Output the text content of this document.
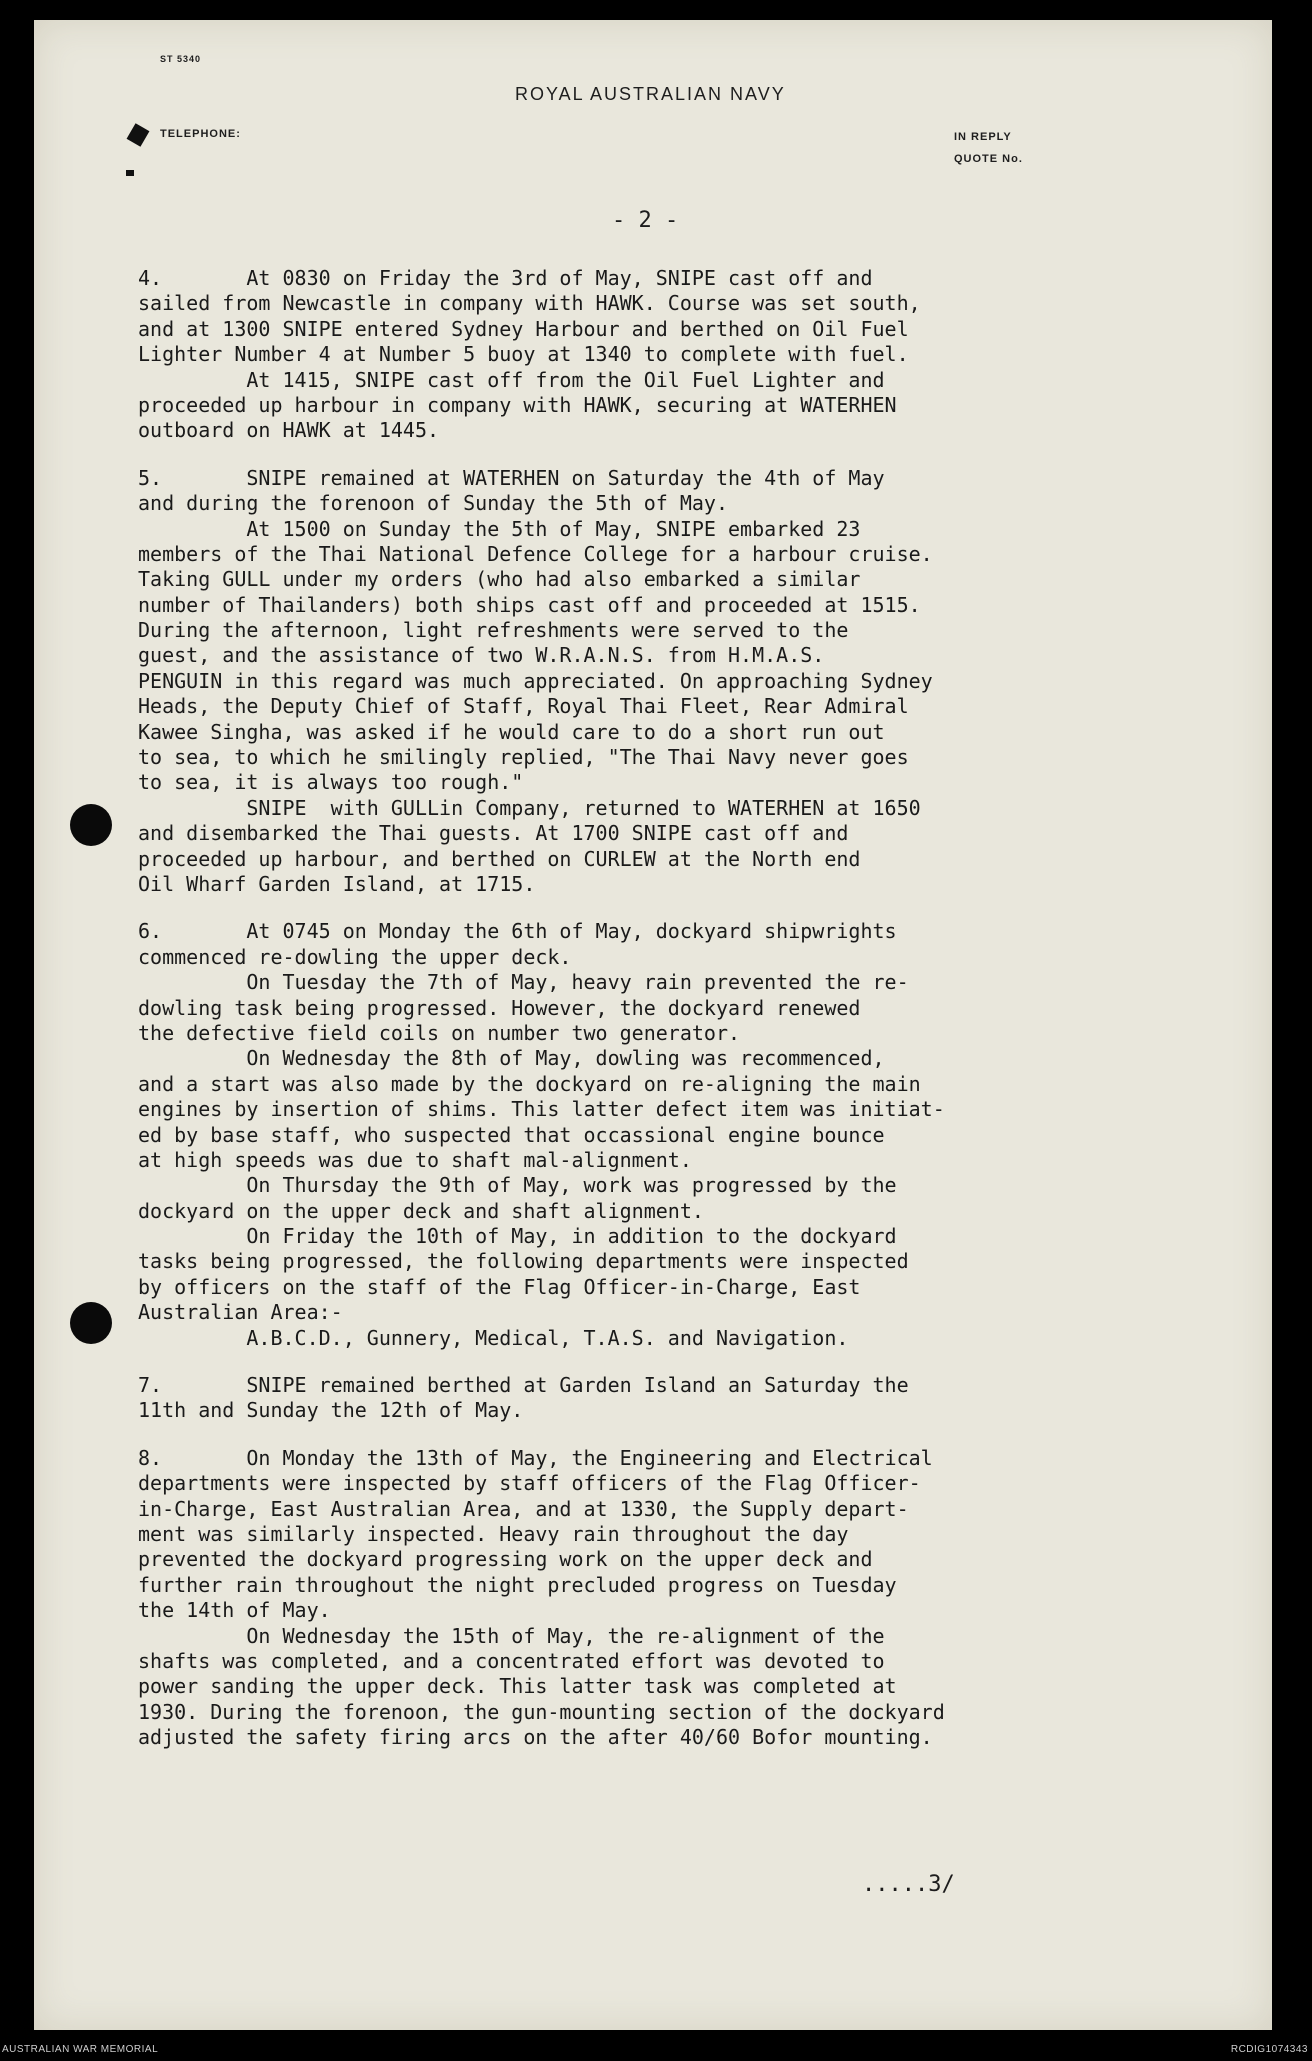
ST 5340
ROYAL AUSTRALIAN NAVY
TELEPHONE:	IN REPLY
QUOTE No.
- 2 -
4.       At 0830 on Friday the 3rd of May, SNIPE cast off and
sailed from Newcastle in company with HAWK. Course was set south,
and at 1300 SNIPE entered Sydney Harbour and berthed on Oil Fuel
Lighter Number 4 at Number 5 buoy at 1340 to complete with fuel.
At 1415, SNIPE cast off from the Oil Fuel Lighter and
proceeded up harbour in company with HAWK, securing at WATERHEN
outboard on HAWK at 1445.
5.       SNIPE remained at WATERHEN on Saturday the 4th of May
and during the forenoon of Sunday the 5th of May.
At 1500 on Sunday the 5th of May, SNIPE embarked 23
members of the Thai National Defence College for a harbour cruise.
Taking GULL under my orders (who had also embarked a similar
number of Thailanders) both ships cast off and proceeded at 1515.
During the afternoon, light refreshments were served to the
guest, and the assistance of two W.R.A.N.S. from H.M.A.S.
PENGUIN in this regard was much appreciated. On approaching Sydney
Heads, the Deputy Chief of Staff, Royal Thai Fleet, Rear Admiral
Kawee Singha, was asked if he would care to do a short run out
to sea, to which he smilingly replied, "The Thai Navy never goes
to sea, it is always too rough."
SNIPE  with GULLin Company, returned to WATERHEN at 1650
and disembarked the Thai guests. At 1700 SNIPE cast off and
proceeded up harbour, and berthed on CURLEW at the North end
Oil Wharf Garden Island, at 1715.
6.       At 0745 on Monday the 6th of May, dockyard shipwrights
commenced re-dowling the upper deck.
On Tuesday the 7th of May, heavy rain prevented the re-
dowling task being progressed. However, the dockyard renewed
the defective field coils on number two generator.
On Wednesday the 8th of May, dowling was recommenced,
and a start was also made by the dockyard on re-aligning the main
engines by insertion of shims. This latter defect item was initiat-
ed by base staff, who suspected that occassional engine bounce
at high speeds was due to shaft mal-alignment.
On Thursday the 9th of May, work was progressed by the
dockyard on the upper deck and shaft alignment.
On Friday the 10th of May, in addition to the dockyard
tasks being progressed, the following departments were inspected
by officers on the staff of the Flag Officer-in-Charge, East
Australian Area:-
A.B.C.D., Gunnery, Medical, T.A.S. and Navigation.
7.       SNIPE remained berthed at Garden Island an Saturday the
11th and Sunday the 12th of May.
8.       On Monday the 13th of May, the Engineering and Electrical
departments were inspected by staff officers of the Flag Officer-
in-Charge, East Australian Area, and at 1330, the Supply depart-
ment was similarly inspected. Heavy rain throughout the day
prevented the dockyard progressing work on the upper deck and
further rain throughout the night precluded progress on Tuesday
the 14th of May.
On Wednesday the 15th of May, the re-alignment of the
shafts was completed, and a concentrated effort was devoted to
power sanding the upper deck. This latter task was completed at
1930. During the forenoon, the gun-mounting section of the dockyard
adjusted the safety firing arcs on the after 40/60 Bofor mounting.
.....3/
AUSTRALIAN WAR MEMORIAL	RCDIG1074343
